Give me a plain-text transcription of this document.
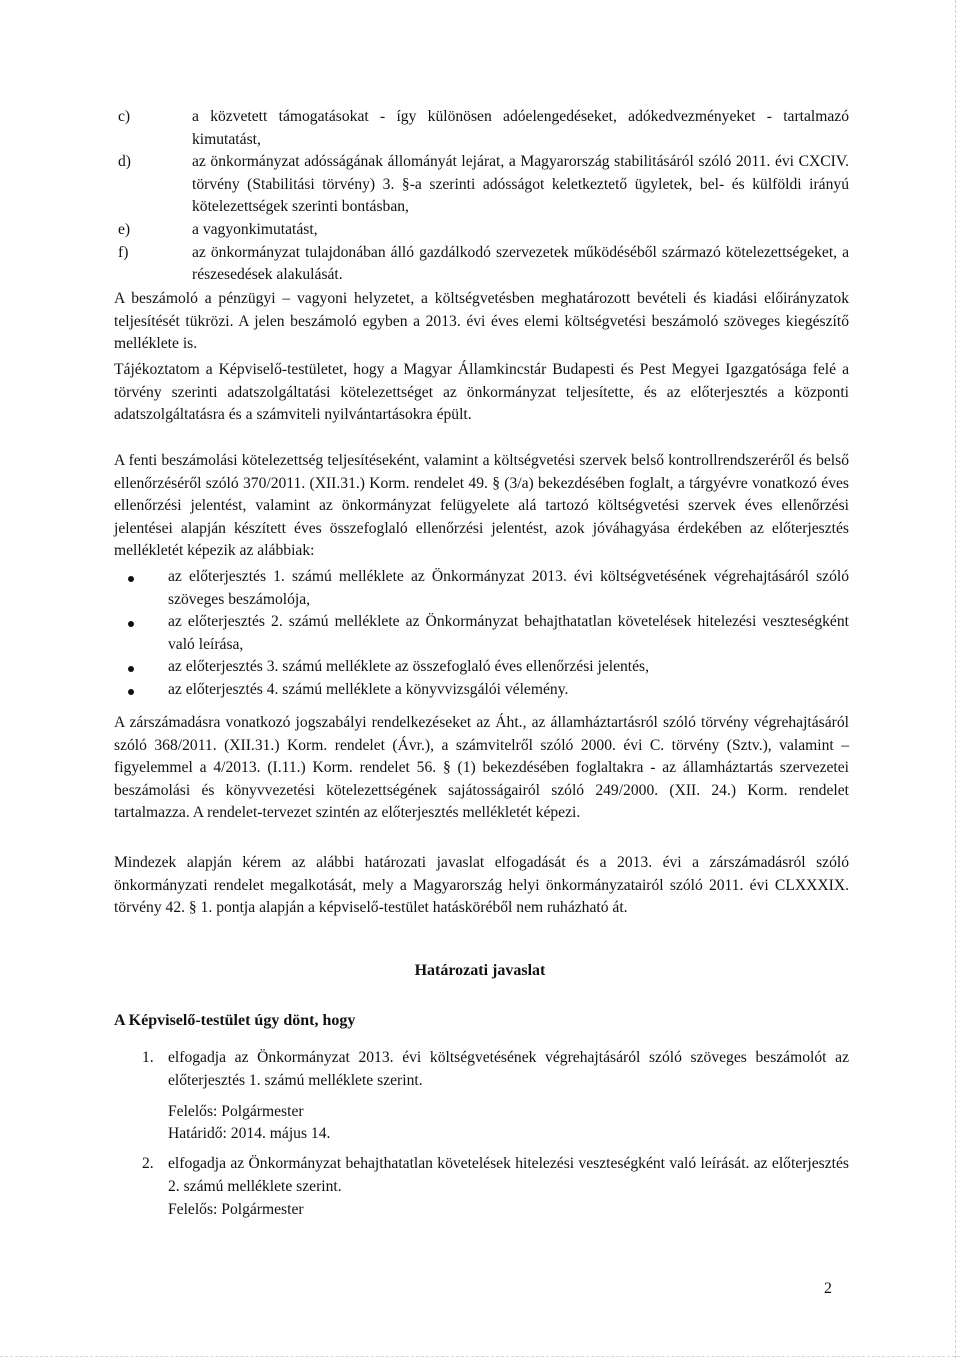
c)	a közvetett támogatásokat - így különösen adóelengedéseket, adókedvezményeket - tartalmazó kimutatást,
d)	az önkormányzat adósságának állományát lejárat, a Magyarország stabilitásáról szóló 2011. évi CXCIV. törvény (Stabilitási törvény) 3. §-a szerinti adósságot keletkeztető ügyletek, bel- és külföldi irányú kötelezettségek szerinti bontásban,
e)	a vagyonkimutatást,
f)	az önkormányzat tulajdonában álló gazdálkodó szervezetek működéséből származó kötelezettségeket, a részesedések alakulását.

A beszámoló a pénzügyi – vagyoni helyzetet, a költségvetésben meghatározott bevételi és kiadási előirányzatok teljesítését tükrözi. A jelen beszámoló egyben a 2013. évi éves elemi költségvetési beszámoló szöveges kiegészítő melléklete is.

Tájékoztatom a Képviselő-testületet, hogy a Magyar Államkincstár Budapesti és Pest Megyei Igazgatósága felé a törvény szerinti adatszolgáltatási kötelezettséget az önkormányzat teljesítette, és az előterjesztés a központi adatszolgáltatásra és a számviteli nyilvántartásokra épült.

A fenti beszámolási kötelezettség teljesítéseként, valamint a költségvetési szervek belső kontrollrendszeréről és belső ellenőrzéséről szóló 370/2011. (XII.31.) Korm. rendelet 49. § (3/a) bekezdésében foglalt, a tárgyévre vonatkozó éves ellenőrzési jelentést, valamint az önkormányzat felügyelete alá tartozó költségvetési szervek éves ellenőrzési jelentései alapján készített éves összefoglaló ellenőrzési jelentést, azok jóváhagyása érdekében az előterjesztés mellékletét képezik az alábbiak:

az előterjesztés 1. számú melléklete az Önkormányzat 2013. évi költségvetésének végrehajtásáról szóló szöveges beszámolója,
az előterjesztés 2. számú melléklete az Önkormányzat behajthatatlan követelések hitelezési veszteségként való leírása,
az előterjesztés 3. számú melléklete az összefoglaló éves ellenőrzési jelentés,
az előterjesztés 4. számú melléklete a könyvvizsgálói vélemény.

A zárszámadásra vonatkozó jogszabályi rendelkezéseket az Áht., az államháztartásról szóló törvény végrehajtásáról szóló 368/2011. (XII.31.) Korm. rendelet (Ávr.), a számvitelről szóló 2000. évi C. törvény (Sztv.), valamint – figyelemmel a 4/2013. (I.11.) Korm. rendelet 56. § (1) bekezdésében foglaltakra - az államháztartás szervezetei beszámolási és könyvvezetési kötelezettségének sajátosságairól szóló 249/2000. (XII. 24.) Korm. rendelet tartalmazza. A rendelet-tervezet szintén az előterjesztés mellékletét képezi.

Mindezek alapján kérem az alábbi határozati javaslat elfogadását és a 2013. évi a zárszámadásról szóló önkormányzati rendelet megalkotását, mely a Magyarország helyi önkormányzatairól szóló 2011. évi CLXXXIX. törvény 42. § 1. pontja alapján a képviselő-testület hatásköréből nem ruházható át.

Határozati javaslat
A Képviselő-testület úgy dönt, hogy
1. elfogadja az Önkormányzat 2013. évi költségvetésének végrehajtásáról szóló szöveges beszámolót az előterjesztés 1. számú melléklete szerint.
Felelős: Polgármester
Határidő: 2014. május 14.
2. elfogadja az Önkormányzat behajthatatlan követelések hitelezési veszteségként való leírását. az előterjesztés 2. számú melléklete szerint.
Felelős: Polgármester
2
